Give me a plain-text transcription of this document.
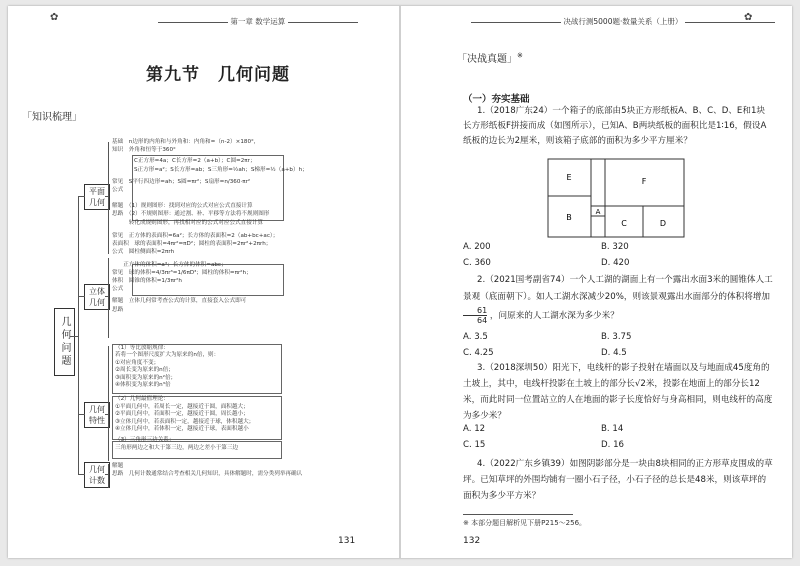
✿	第一章 数学运算
第九节　几何问题
「知识梳理」
几何问题
平面几何
立体几何
几何特性
几何计数
基础　n边形的内角和与外角和：内角和=（n-2）×180°，
知识　外角和恒等于360°
C正方形=4a；C长方形=2（a+b）；C圆=2πr；
S正方形=a²；S长方形=ab；S三角形=½ah；S梯形=½（a+b）h；
常见　S平行四边形=ah；S圆=πr²；S扇形=n/360·πr²
公式
解题　（1）规则图形：找到对应的公式对应公式直接计算
思路　（2）不规则图形：通过割、补、平移等方法将不规则图形
　　　转化成规则图形，再找相对应的公式对应公式直接计算
常见　正方体的表面积=6a²；长方体的表面积=2（ab+bc+ac）；
表面积　球的表面积=4πr²=πD²；圆柱的表面积=2πr²+2πrh；
公式　圆柱侧面积=2πrh
　　正方体的体积=a³；长方体的体积=abc；
常见　球的体积=4/3πr³=1/6πD³；圆柱的体积=πr²h；
体积　圆锥的体积=1/3πr²h
公式
解题　立体几何常考查公式的计算，直接套入公式即可
思路
（1）等比放缩规律：
若将一个图形尺度扩大为原来的n倍，则：
①对应角度不变；
②周长变为原来的n倍；
③面积变为原来的n²倍；
④体积变为原来的n³倍
（2）几何最值理论：
①平面几何中，若周长一定，越接近于圆，面积越大；
②平面几何中，若面积一定，越接近于圆，周长越小；
③立体几何中，若表面积一定，越接近于球，体积越大；
④立体几何中，若体积一定，越接近于球，表面积越小
（3）三角形三边关系：
三角形两边之和大于第三边，两边之差小于第三边
解题
思路　几何计数通常结合考查相关几何知识，具体解题时，需分类列举再确认
131
决战行测5000题·数量关系（上册）	✿
「决战真题」※
（一）夯实基础
1.（2018广东24）一个箱子的底部由5块正方形纸板A、B、C、D、E和1块长方形纸板F拼接而成（如图所示），已知A、B两块纸板的面积比是1∶16，假设A纸板的边长为2厘米，则该箱子底部的面积为多少平方厘米？
E	F
A
B
C	D
A. 200	B. 320
C. 360	D. 420
2.（2021国考副省74）一个人工湖的湖面上有一个露出水面3米的圆锥体人工景观（底面朝下）。如人工湖水深减少20%，则该景观露出水面部分的体积将增加
$\frac{61}{64}$ ，问原来的人工湖水深为多少米？
A. 3.5	B. 3.75
C. 4.25	D. 4.5
3.（2018深圳50）阳光下，电线杆的影子投射在墙面以及与地面成45度角的土坡上，其中，电线杆投影在土坡上的部分长√2米，投影在地面上的部分长12米，而此时同一位置站立的人在地面的影子长度恰好与身高相同，则电线杆的高度为多少米？
A. 12	B. 14
C. 15	D. 16
4.（2022广东乡镇39）如图阴影部分是一块由8块相同的正方形草皮围成的草坪。已知草坪的外围均铺有一圈小石子径，小石子径的总长是48米，则该草坪的面积为多少平方米？
※ 本部分题目解析见下册P215～256。
132
